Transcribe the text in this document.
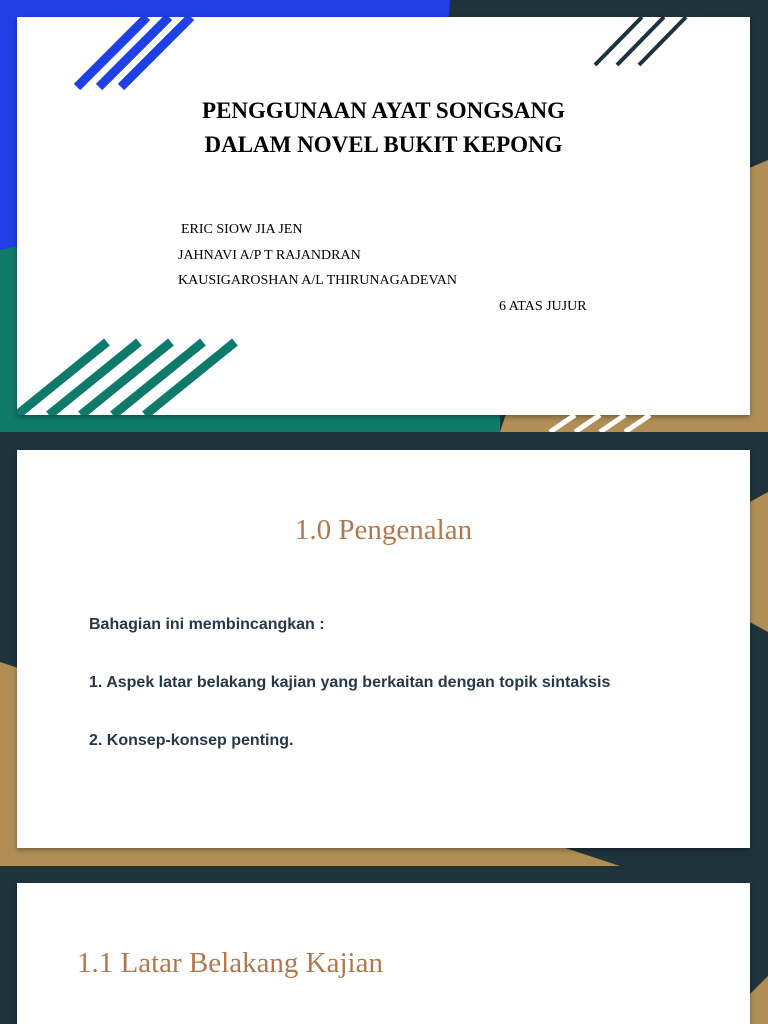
PENGGUNAAN AYAT SONGSANG
DALAM NOVEL BUKIT KEPONG
ERIC SIOW JIA JEN
JAHNAVI A/P T RAJANDRAN
KAUSIGAROSHAN A/L THIRUNAGADEVAN
6 ATAS JUJUR
1.0 Pengenalan
Bahagian ini membincangkan :
1. Aspek latar belakang kajian yang berkaitan dengan topik sintaksis
2. Konsep-konsep penting.
1.1 Latar Belakang Kajian
